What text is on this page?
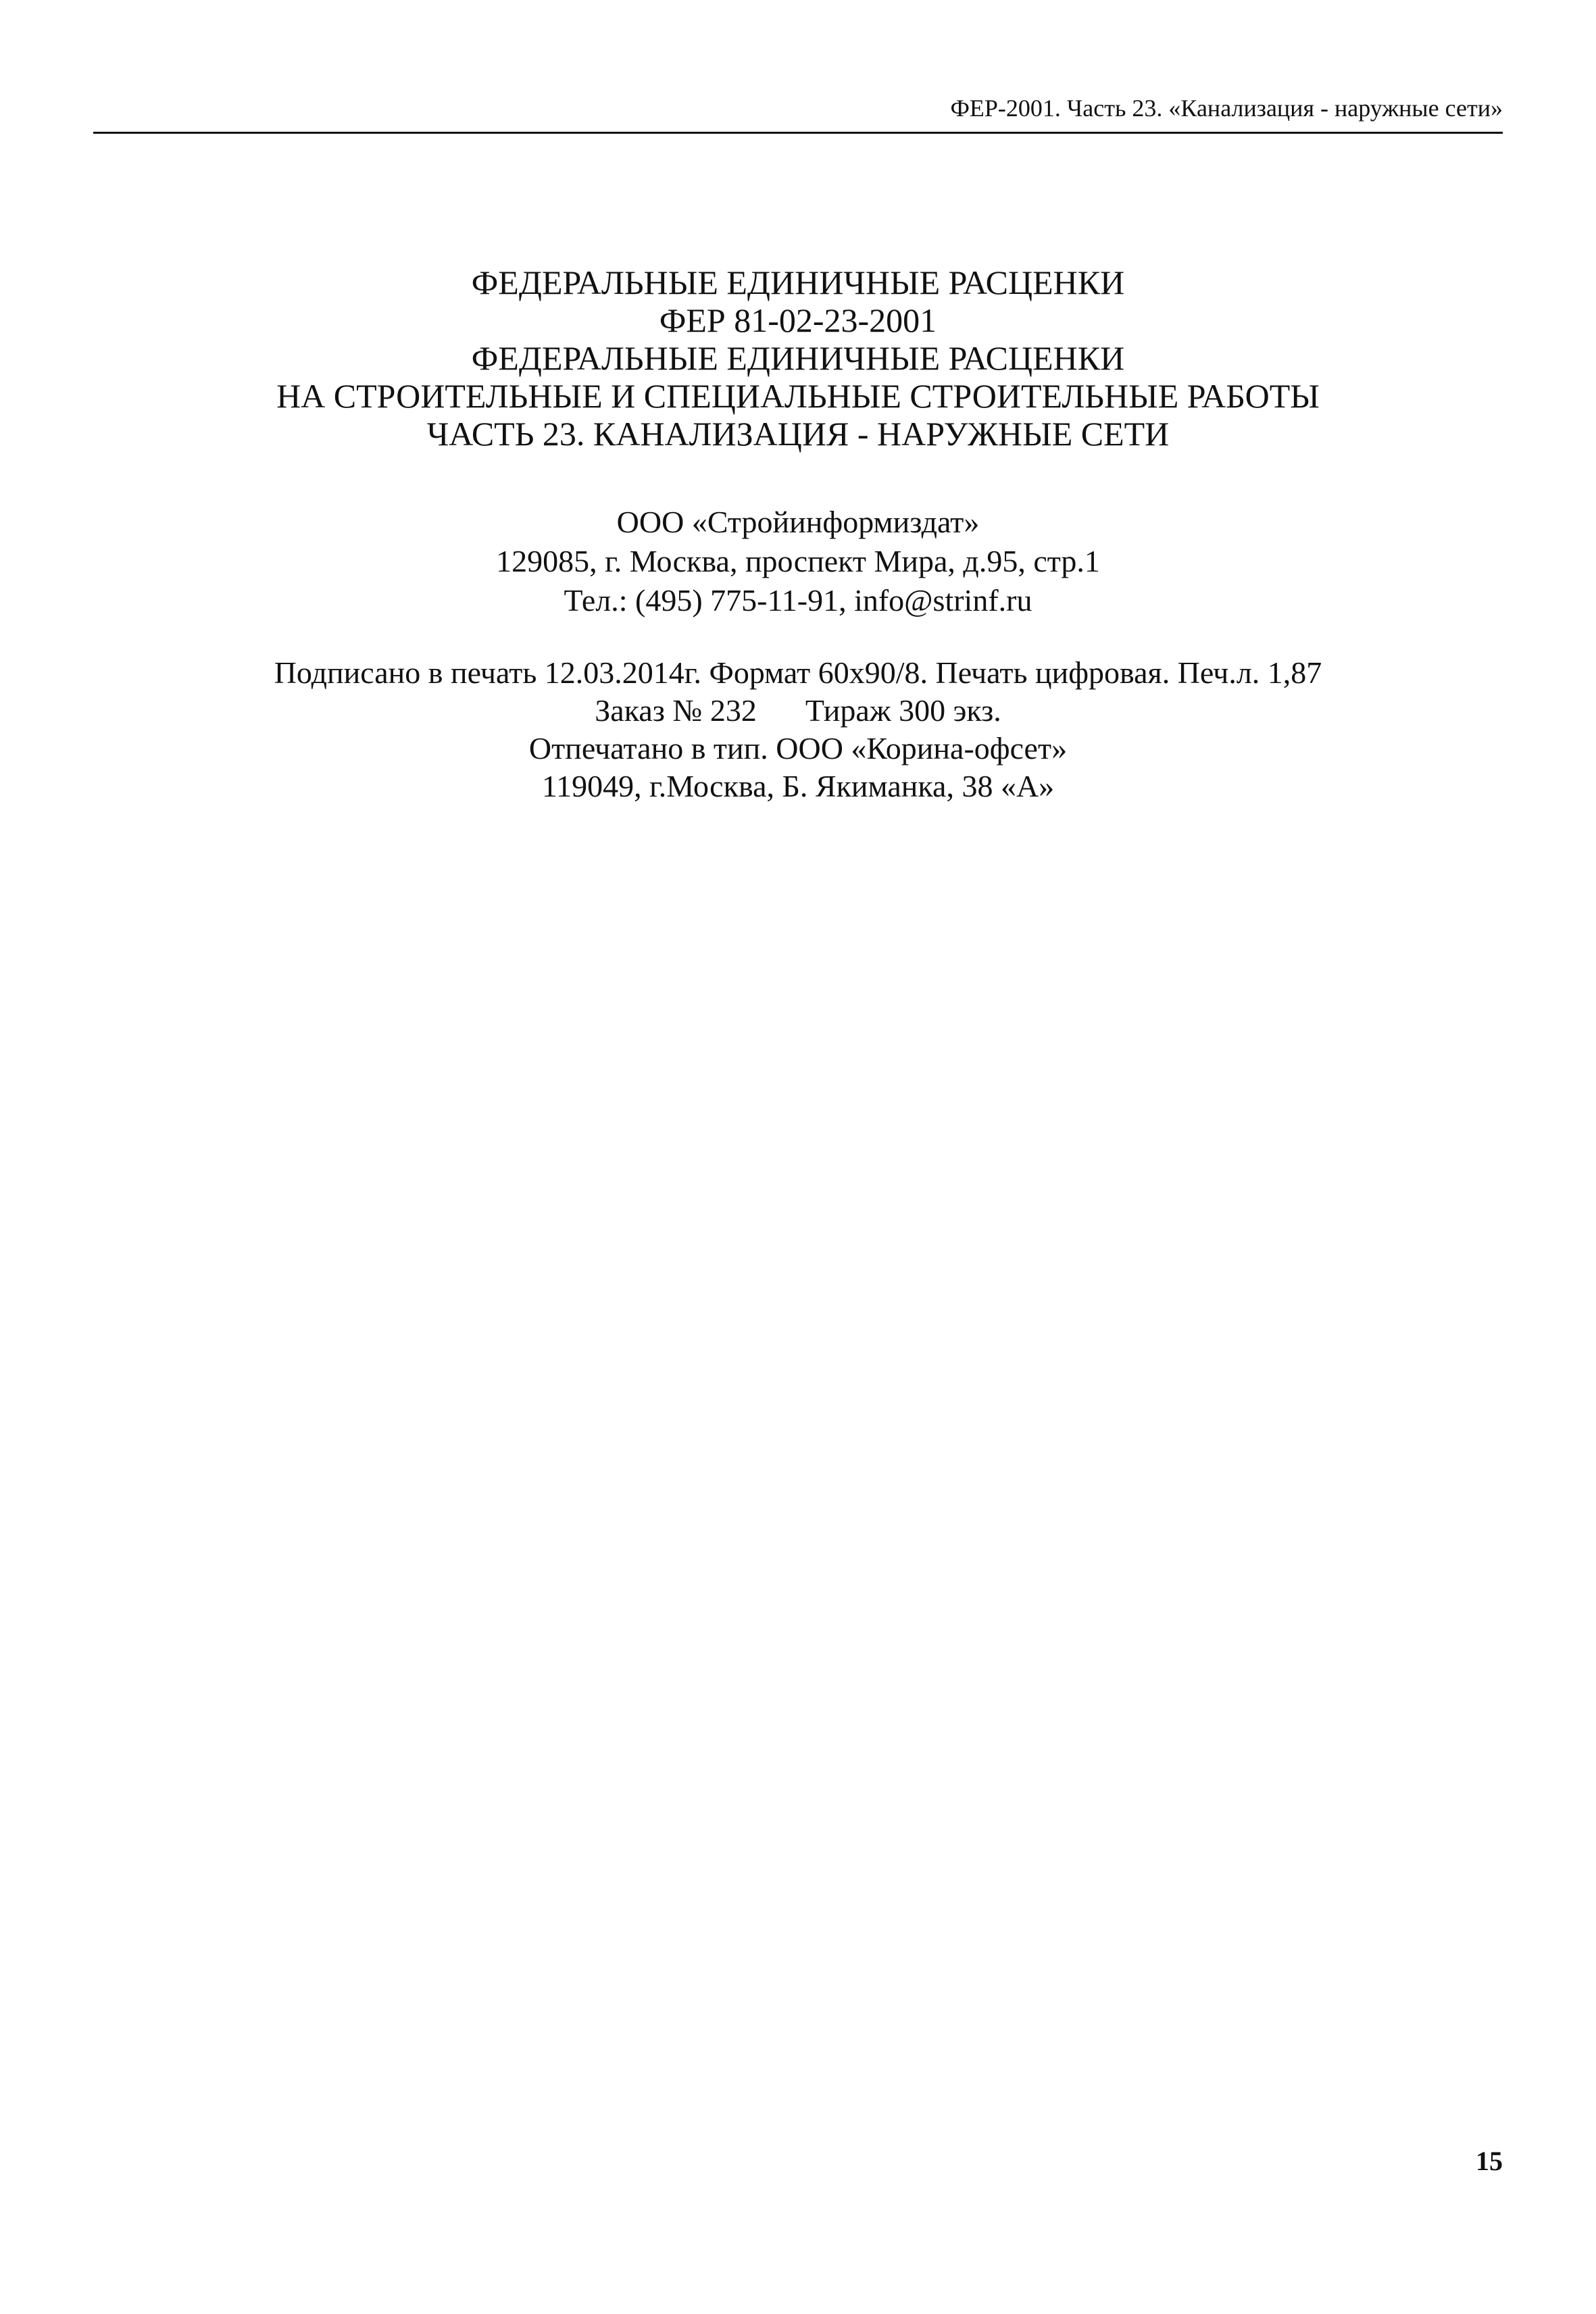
ФЕР-2001. Часть 23. «Канализация - наружные сети»
ФЕДЕРАЛЬНЫЕ ЕДИНИЧНЫЕ РАСЦЕНКИ
ФЕР 81-02-23-2001
ФЕДЕРАЛЬНЫЕ ЕДИНИЧНЫЕ РАСЦЕНКИ
НА СТРОИТЕЛЬНЫЕ И СПЕЦИАЛЬНЫЕ СТРОИТЕЛЬНЫЕ РАБОТЫ
ЧАСТЬ 23. КАНАЛИЗАЦИЯ - НАРУЖНЫЕ СЕТИ
ООО «Стройинформиздат»
129085, г. Москва, проспект Мира, д.95, стр.1
Тел.: (495) 775-11-91, info@strinf.ru
Подписано в печать 12.03.2014г. Формат 60х90/8. Печать цифровая. Печ.л. 1,87
Заказ № 232 Тираж 300 экз.
Отпечатано в тип. ООО «Корина-офсет»
119049, г.Москва, Б. Якиманка, 38 «А»
15
